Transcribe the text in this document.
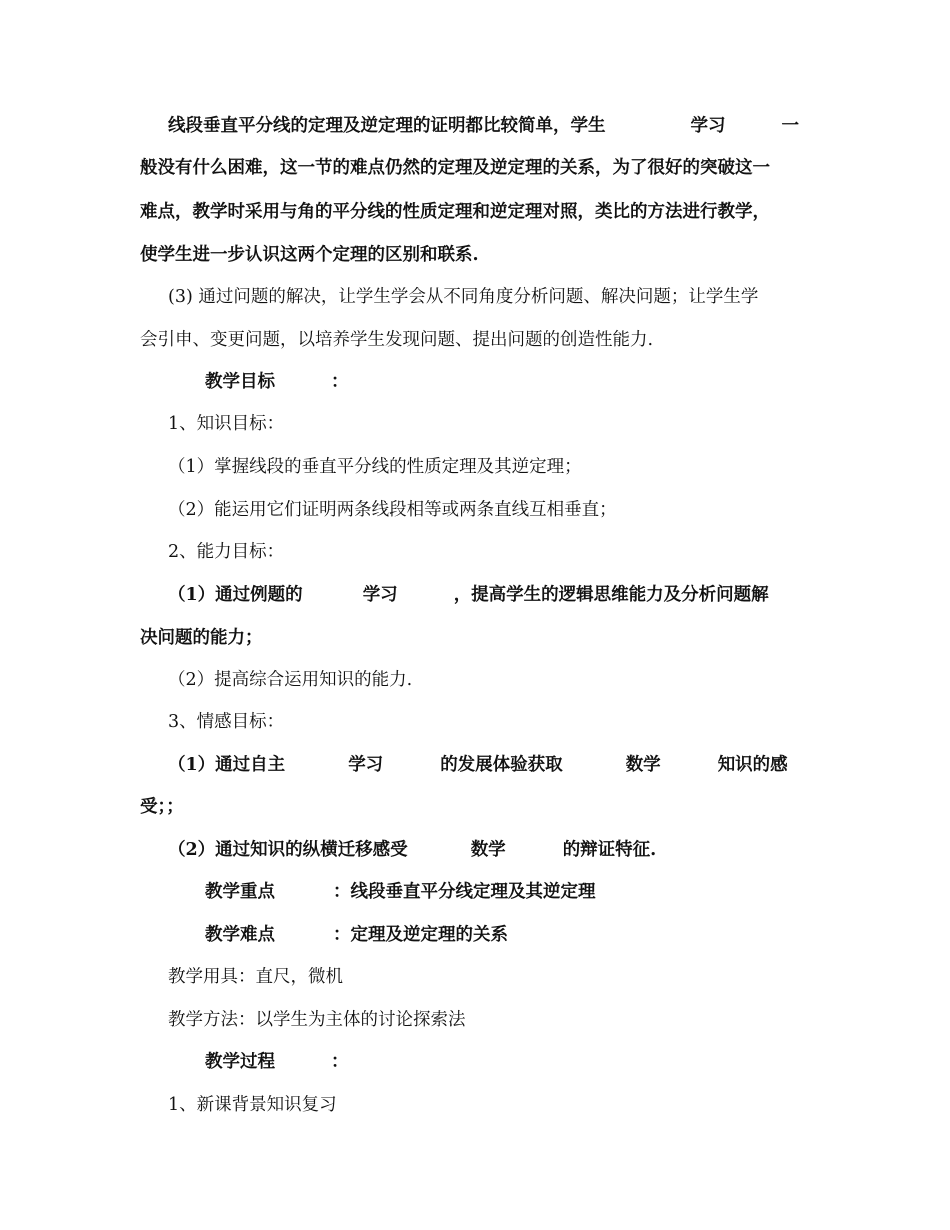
线段垂直平分线的定理及逆定理的证明都比较简单，学生	学习	一
般没有什么困难，这一节的难点仍然的定理及逆定理的关系，为了很好的突破这一
难点，教学时采用与角的平分线的性质定理和逆定理对照，类比的方法进行教学，
使学生进一步认识这两个定理的区别和联系.
(3) 通过问题的解决，让学生学会从不同角度分析问题、解决问题；让学生学
会引申、变更问题，以培养学生发现问题、提出问题的创造性能力.
教学目标	：
1、知识目标：
（1）掌握线段的垂直平分线的性质定理及其逆定理；
（2）能运用它们证明两条线段相等或两条直线互相垂直；
2、能力目标：
（1）通过例题的	学习	，提高学生的逻辑思维能力及分析问题解
决问题的能力；
（2）提高综合运用知识的能力.
3、情感目标：
（1）通过自主	学习	的发展体验获取	数学	知识的感
受；；
（2）通过知识的纵横迁移感受	数学	的辩证特征.
教学重点	：线段垂直平分线定理及其逆定理
教学难点	：定理及逆定理的关系
教学用具：直尺，微机
教学方法：以学生为主体的讨论探索法
教学过程	：
1、新课背景知识复习
